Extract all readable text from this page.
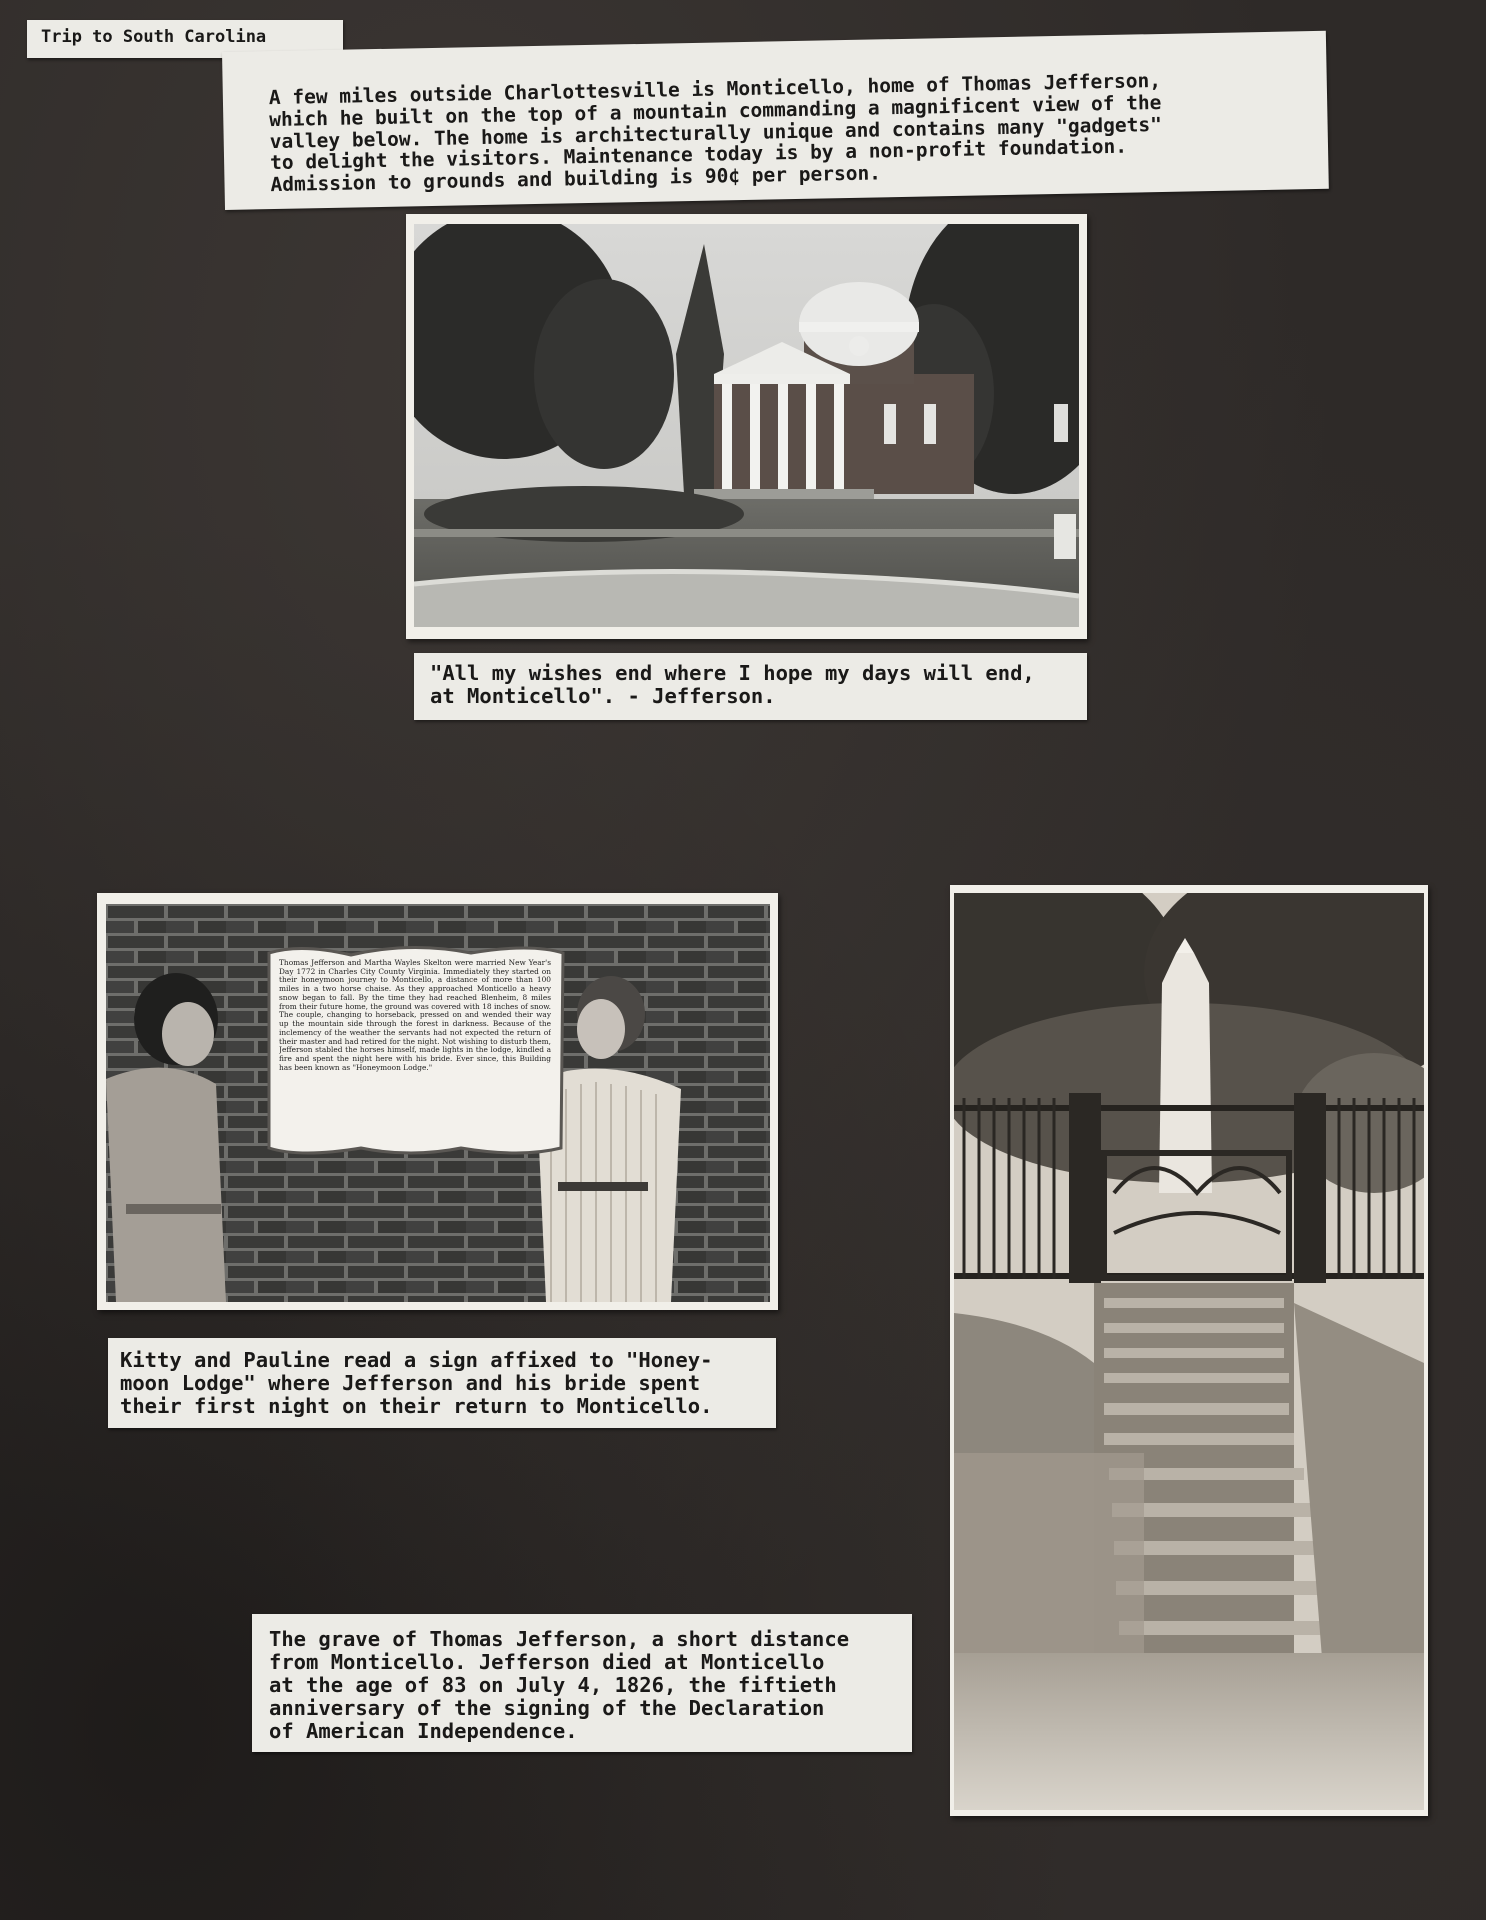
Trip to South Carolina
A few miles outside Charlottesville is Monticello, home of Thomas Jefferson,
which he built on the top of a mountain commanding a magnificent view of the
valley below. The home is architecturally unique and contains many "gadgets"
to delight the visitors. Maintenance today is by a non-profit foundation.
Admission to grounds and building is 90¢ per person.
"All my wishes end where I hope my days will end,
at Monticello". - Jefferson.
Thomas Jefferson and Martha Wayles Skelton were married New Year's Day 1772 in Charles City County Virginia. Immediately they started on their honeymoon journey to Monticello, a distance of more than 100 miles in a two horse chaise. As they approached Monticello a heavy snow began to fall. By the time they had reached Blenheim, 8 miles from their future home, the ground was covered with 18 inches of snow. The couple, changing to horseback, pressed on and wended their way up the mountain side through the forest in darkness. Because of the inclemency of the weather the servants had not expected the return of their master and had retired for the night. Not wishing to disturb them, Jefferson stabled the horses himself, made lights in the lodge, kindled a fire and spent the night here with his bride. Ever since, this Building has been known as "Honeymoon Lodge."
Kitty and Pauline read a sign affixed to "Honey-
moon Lodge" where Jefferson and his bride spent
their first night on their return to Monticello.
The grave of Thomas Jefferson, a short distance
from Monticello. Jefferson died at Monticello
at the age of 83 on July 4, 1826, the fiftieth
anniversary of the signing of the Declaration
of American Independence.
